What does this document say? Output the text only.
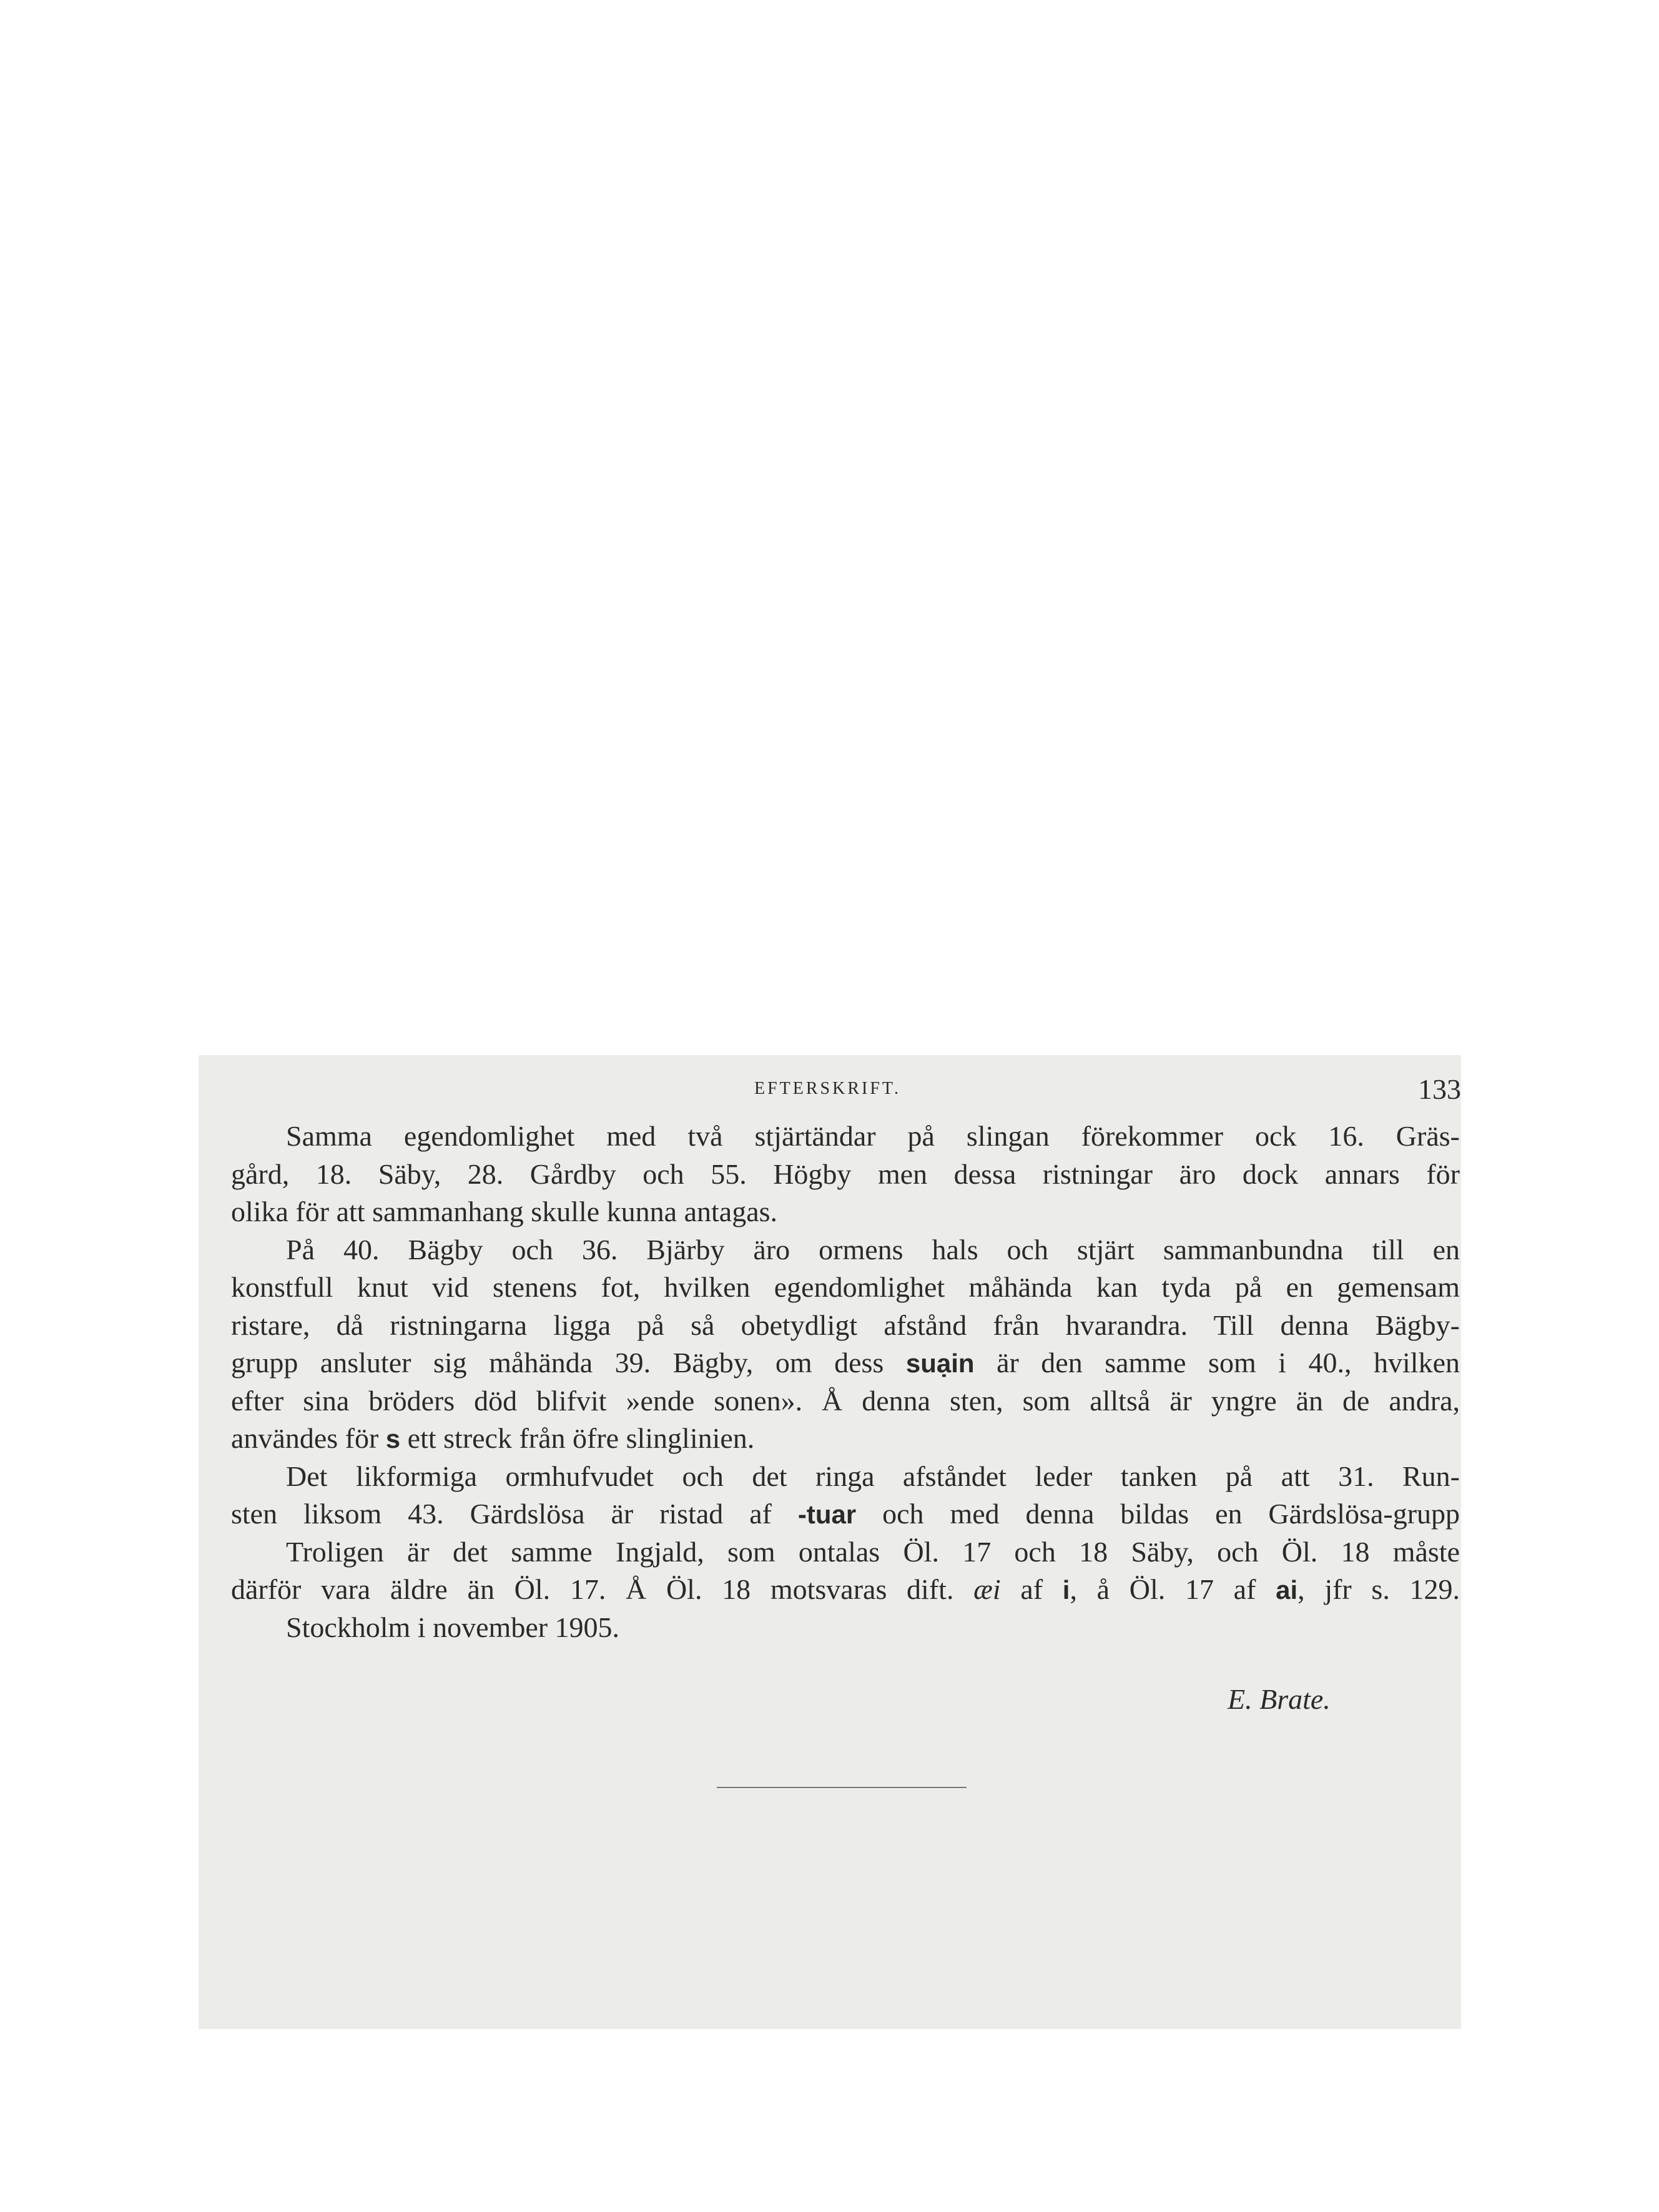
EFTERSKRIFT.	133
Samma egendomlighet med två stjärtändar på slingan förekommer ock 16. Gräs-
gård, 18. Säby, 28. Gårdby och 55. Högby men dessa ristningar äro dock annars för
olika för att sammanhang skulle kunna antagas.
På 40. Bägby och 36. Bjärby äro ormens hals och stjärt sammanbundna till en
konstfull knut vid stenens fot, hvilken egendomlighet måhända kan tyda på en gemensam
ristare, då ristningarna ligga på så obetydligt afstånd från hvarandra. Till denna Bägby-
grupp ansluter sig måhända 39. Bägby, om dess suạin är den samme som i 40., hvilken
efter sina bröders död blifvit »ende sonen». Å denna sten, som alltså är yngre än de andra,
användes för s ett streck från öfre slinglinien.
Det likformiga ormhufvudet och det ringa afståndet leder tanken på att 31. Run-
sten liksom 43. Gärdslösa är ristad af -tuar och med denna bildas en Gärdslösa-grupp
Troligen är det samme Ingjald, som ontalas Öl. 17 och 18 Säby, och Öl. 18 måste
därför vara äldre än Öl. 17. Å Öl. 18 motsvaras dift. æi af i, å Öl. 17 af ai, jfr s. 129.
Stockholm i november 1905.
E. Brate.
